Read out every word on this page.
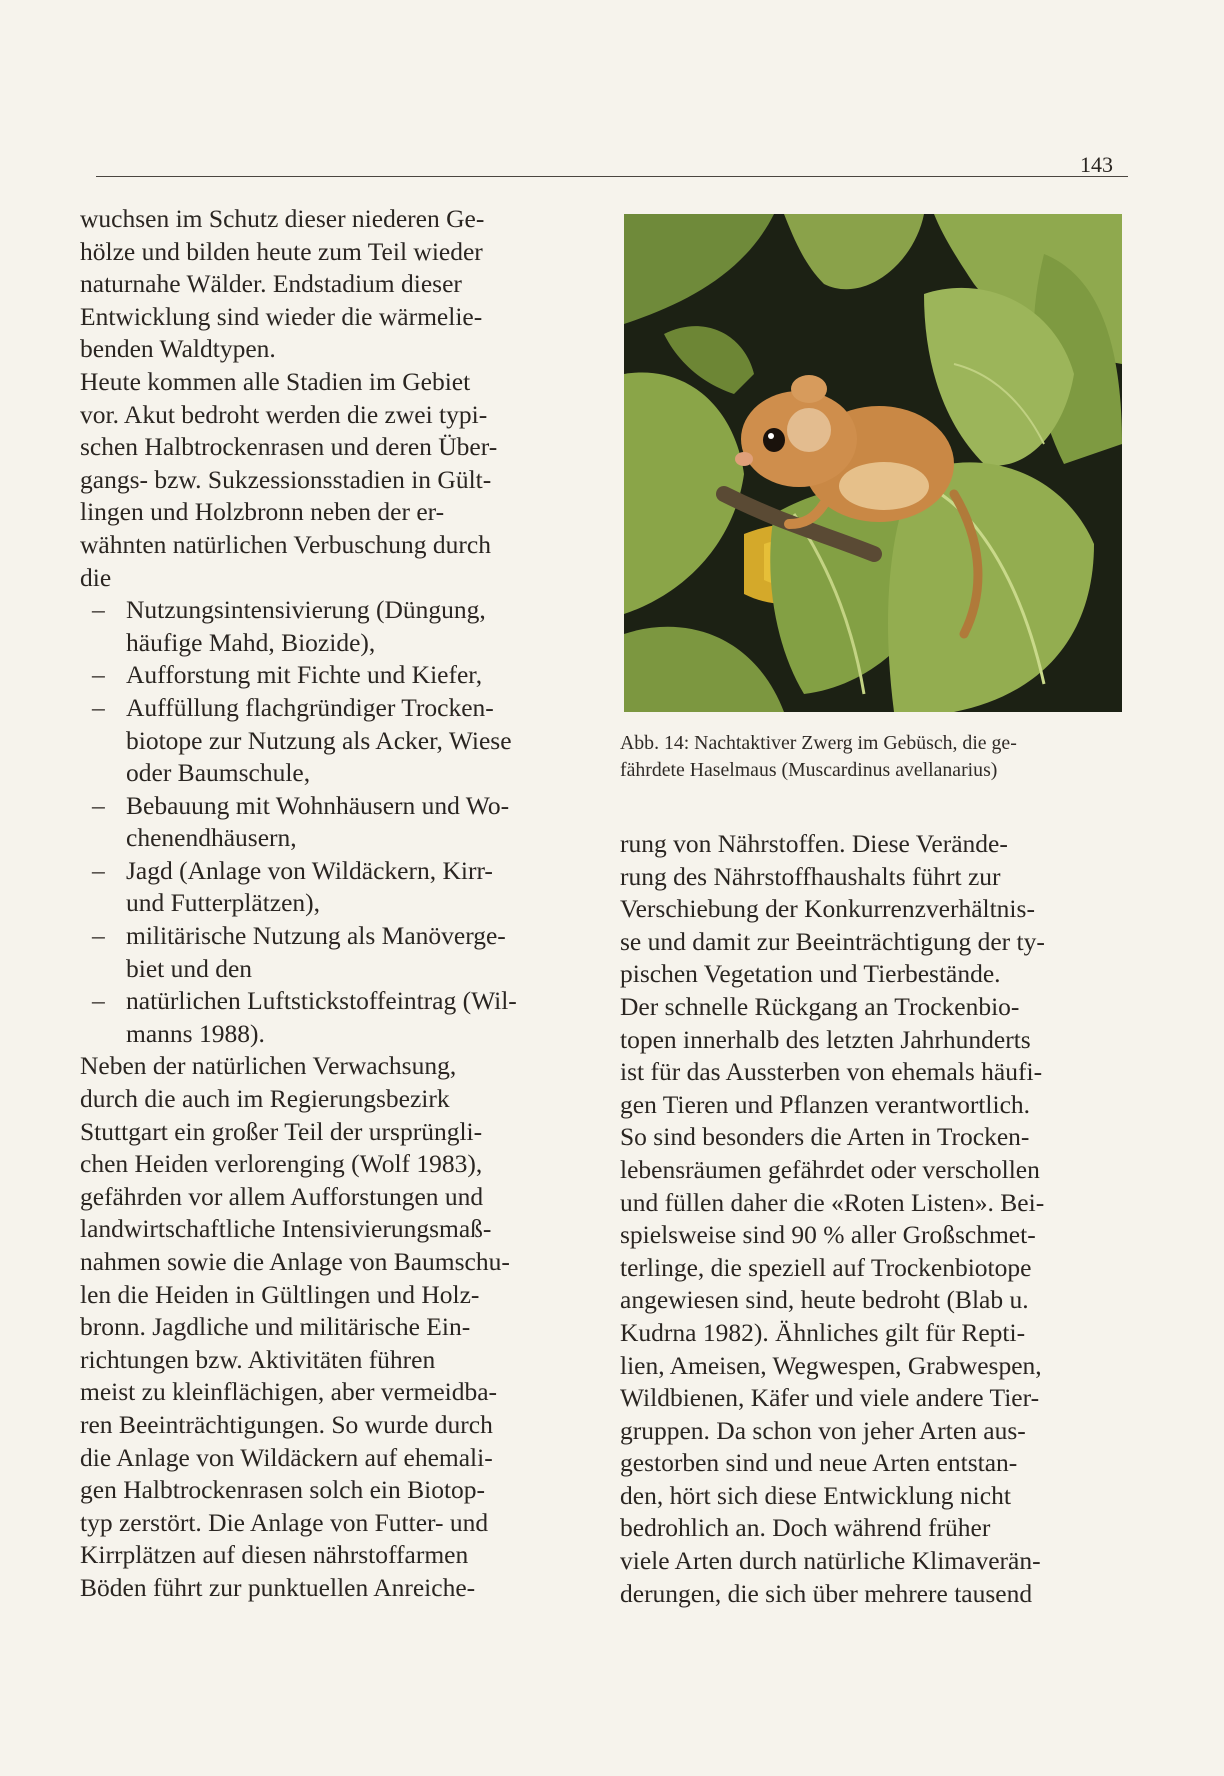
143

wuchsen im Schutz dieser niederen Ge-
hölze und bilden heute zum Teil wieder
naturnahe Wälder. Endstadium dieser
Entwicklung sind wieder die wärmelie-
benden Waldtypen.

Heute kommen alle Stadien im Gebiet
vor. Akut bedroht werden die zwei typi-
schen Halbtrockenrasen und deren Über-
gangs- bzw. Sukzessionsstadien in Gült-
lingen und Holzbronn neben der er-
wähnten natürlichen Verbuschung durch
die

– Nutzungsintensivierung (Düngung,
häufige Mahd, Biozide),
– Aufforstung mit Fichte und Kiefer,
– Auffüllung flachgründiger Trocken-
biotope zur Nutzung als Acker, Wiese
oder Baumschule,
– Bebauung mit Wohnhäusern und Wo-
chenendhäusern,
– Jagd (Anlage von Wildäckern, Kirr-
und Futterplätzen),
– militärische Nutzung als Manöverge-
biet und den
– natürlichen Luftstickstoffeintrag (Wil-
manns 1988).

Neben der natürlichen Verwachsung,
durch die auch im Regierungsbezirk
Stuttgart ein großer Teil der ursprüngli-
chen Heiden verlorenging (Wolf 1983),
gefährden vor allem Aufforstungen und
landwirtschaftliche Intensivierungsmaß-
nahmen sowie die Anlage von Baumschu-
len die Heiden in Gültlingen und Holz-
bronn. Jagdliche und militärische Ein-
richtungen bzw. Aktivitäten führen
meist zu kleinflächigen, aber vermeidba-
ren Beeinträchtigungen. So wurde durch
die Anlage von Wildäckern auf ehemali-
gen Halbtrockenrasen solch ein Biotop-
typ zerstört. Die Anlage von Futter- und
Kirrplätzen auf diesen nährstoffarmen
Böden führt zur punktuellen Anreiche-

Abb. 14: Nachtaktiver Zwerg im Gebüsch, die ge-
fährdete Haselmaus (Muscardinus avellanarius)

rung von Nährstoffen. Diese Verände-
rung des Nährstoffhaushalts führt zur
Verschiebung der Konkurrenzverhältnis-
se und damit zur Beeinträchtigung der ty-
pischen Vegetation und Tierbestände.

Der schnelle Rückgang an Trockenbio-
topen innerhalb des letzten Jahrhunderts
ist für das Aussterben von ehemals häufi-
gen Tieren und Pflanzen verantwortlich.
So sind besonders die Arten in Trocken-
lebensräumen gefährdet oder verschollen
und füllen daher die «Roten Listen». Bei-
spielsweise sind 90 % aller Großschmet-
terlinge, die speziell auf Trockenbiotope
angewiesen sind, heute bedroht (Blab u.
Kudrna 1982). Ähnliches gilt für Repti-
lien, Ameisen, Wegwespen, Grabwespen,
Wildbienen, Käfer und viele andere Tier-
gruppen. Da schon von jeher Arten aus-
gestorben sind und neue Arten entstan-
den, hört sich diese Entwicklung nicht
bedrohlich an. Doch während früher
viele Arten durch natürliche Klimaverän-
derungen, die sich über mehrere tausend
